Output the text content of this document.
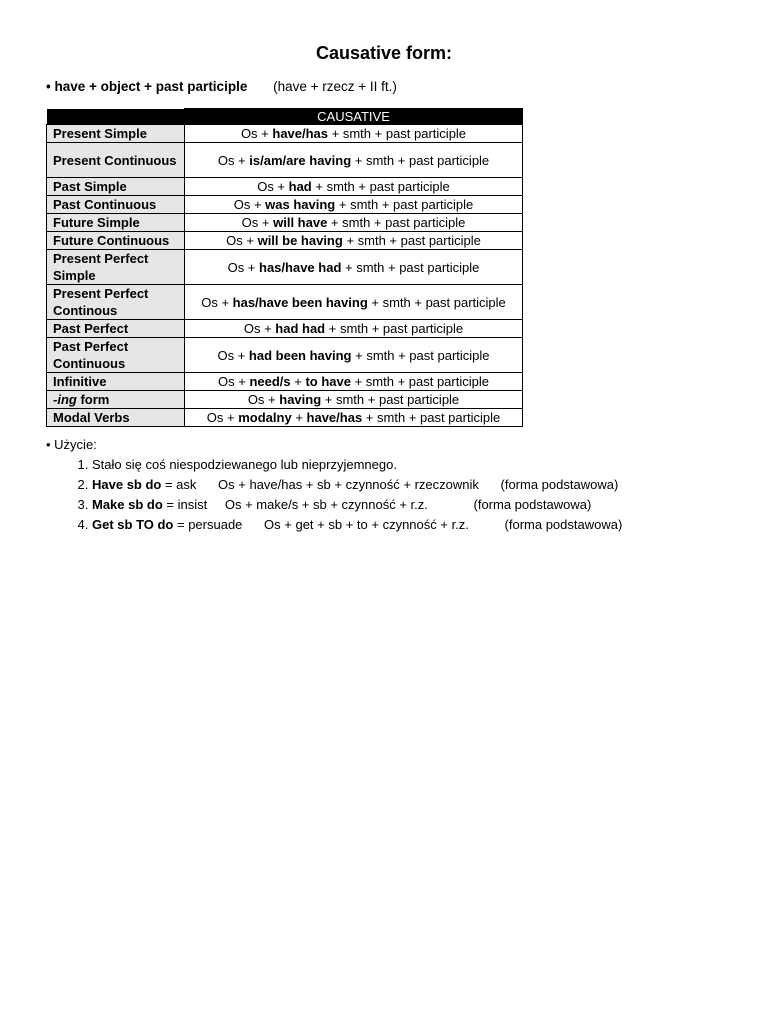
Causative form:
• have + object + past participle (have + rzecz + II ft.)
	CAUSATIVE
Present Simple	Os + have/has + smth + past participle
Present Continuous	Os + is/am/are having + smth + past participle
Past Simple	Os + had + smth + past participle
Past Continuous	Os + was having + smth + past participle
Future Simple	Os + will have + smth + past participle
Future Continuous	Os + will be having + smth + past participle
Present Perfect Simple	Os + has/have had + smth + past participle
Present Perfect Continous	Os + has/have been having + smth + past participle
Past Perfect	Os + had had + smth + past participle
Past Perfect Continuous	Os + had been having + smth + past participle
Infinitive	Os + need/s + to have + smth + past participle
-ing form	Os + having + smth + past participle
Modal Verbs	Os + modalny + have/has + smth + past participle
• Użycie:
1. Stało się coś niespodziewanego lub nieprzyjemnego.
2. Have sb do = ask Os + have/has + sb + czynność + rzeczownik (forma podstawowa)
3. Make sb do = insist Os + make/s + sb + czynność + r.z.	(forma podstawowa)
4. Get sb TO do = persuade Os + get + sb + to + czynność + r.z.	(forma podstawowa)
